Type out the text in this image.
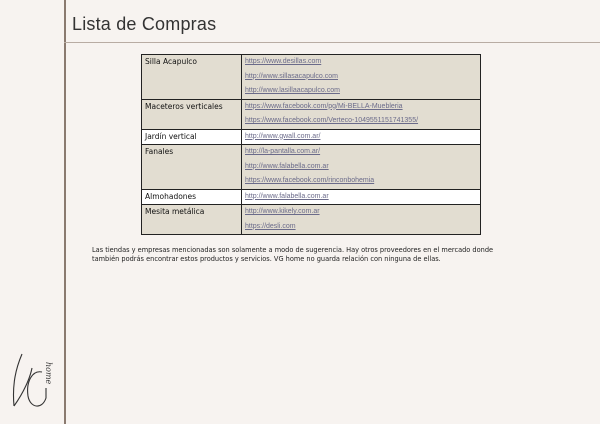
Lista de Compras
Silla Acapulco	https://www.desillas.com
	http://www.sillasacapulco.com
	http://www.lasillaacapulco.com
Maceteros verticales	https://www.facebook.com/pg/Mi-BELLA-Muebleria
	https://www.facebook.com/Verteco-1049551151741355/
Jardín vertical	http://www.gwall.com.ar/
Fanales	http://la-pantalla.com.ar/
	http://www.falabella.com.ar
	https://www.facebook.com/rinconbohemia
Almohadones	http://www.falabella.com.ar
Mesita metálica	http://www.kikely.com.ar
	https://desli.com
Las tiendas y empresas mencionadas son solamente a modo de sugerencia. Hay otros proveedores en el mercado donde también podrás encontrar estos productos y servicios. VG home no guarda relación con ninguna de ellas.
home
